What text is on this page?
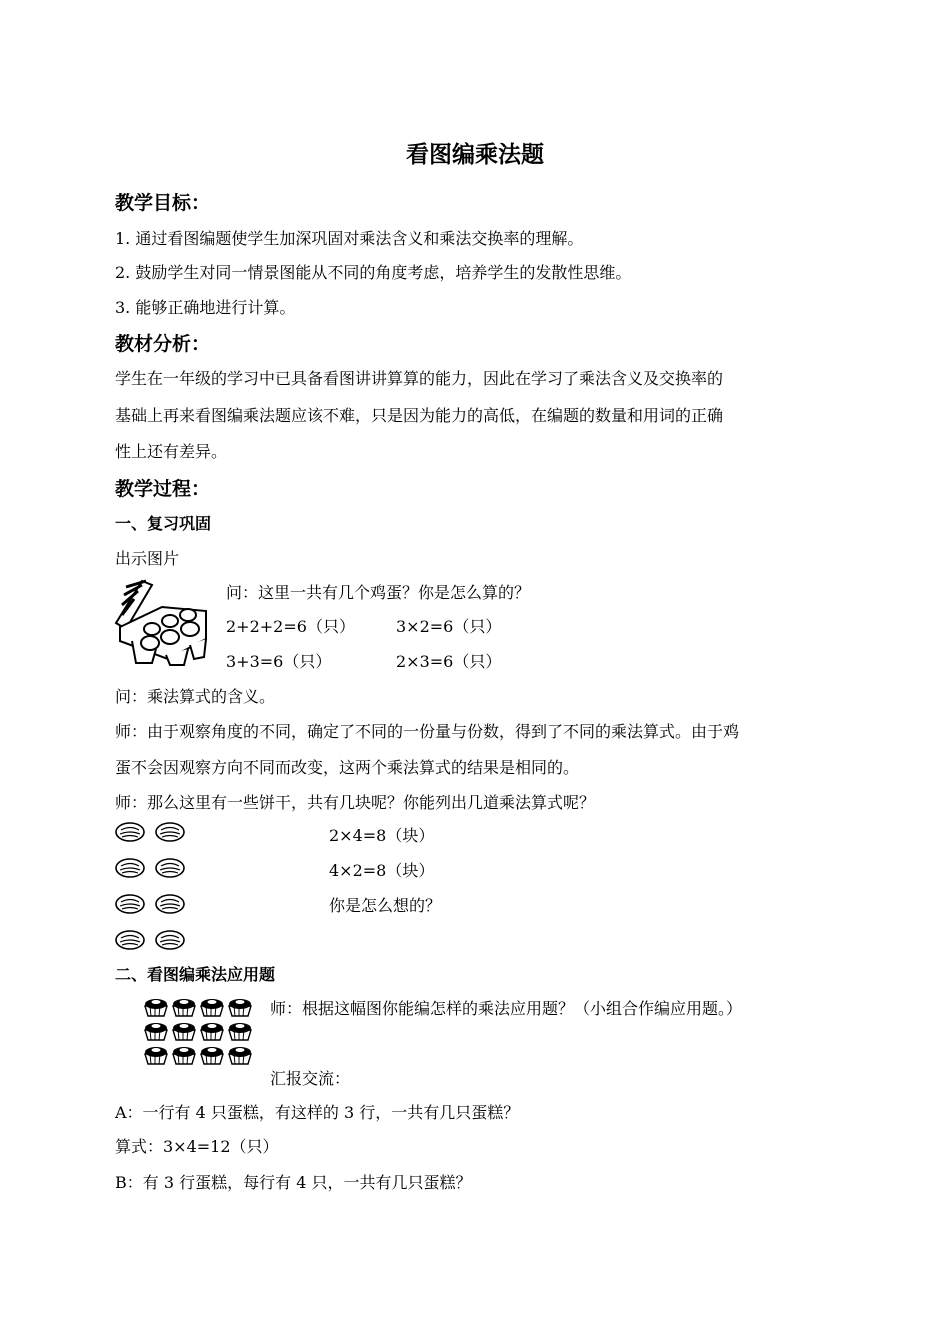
看图编乘法题
教学目标：
1. 通过看图编题使学生加深巩固对乘法含义和乘法交换率的理解。
2. 鼓励学生对同一情景图能从不同的角度考虑，培养学生的发散性思维。
3. 能够正确地进行计算。
教材分析：
学生在一年级的学习中已具备看图讲讲算算的能力，因此在学习了乘法含义及交换率的
基础上再来看图编乘法题应该不难，只是因为能力的高低，在编题的数量和用词的正确
性上还有差异。
教学过程：
一、复习巩固
出示图片
问：这里一共有几个鸡蛋？你是怎么算的？
2+2+2=6（只）	3×2=6（只）
3+3=6（只）	2×3=6（只）
问：乘法算式的含义。
师：由于观察角度的不同，确定了不同的一份量与份数，得到了不同的乘法算式。由于鸡
蛋不会因观察方向不同而改变，这两个乘法算式的结果是相同的。
师：那么这里有一些饼干，共有几块呢？你能列出几道乘法算式呢？
2×4=8（块）
4×2=8（块）
你是怎么想的？
二、看图编乘法应用题
师：根据这幅图你能编怎样的乘法应用题？（小组合作编应用题。）
汇报交流：
A：一行有 4 只蛋糕，有这样的 3 行，一共有几只蛋糕？
算式：3×4=12（只）
B：有 3 行蛋糕，每行有 4 只，一共有几只蛋糕？
